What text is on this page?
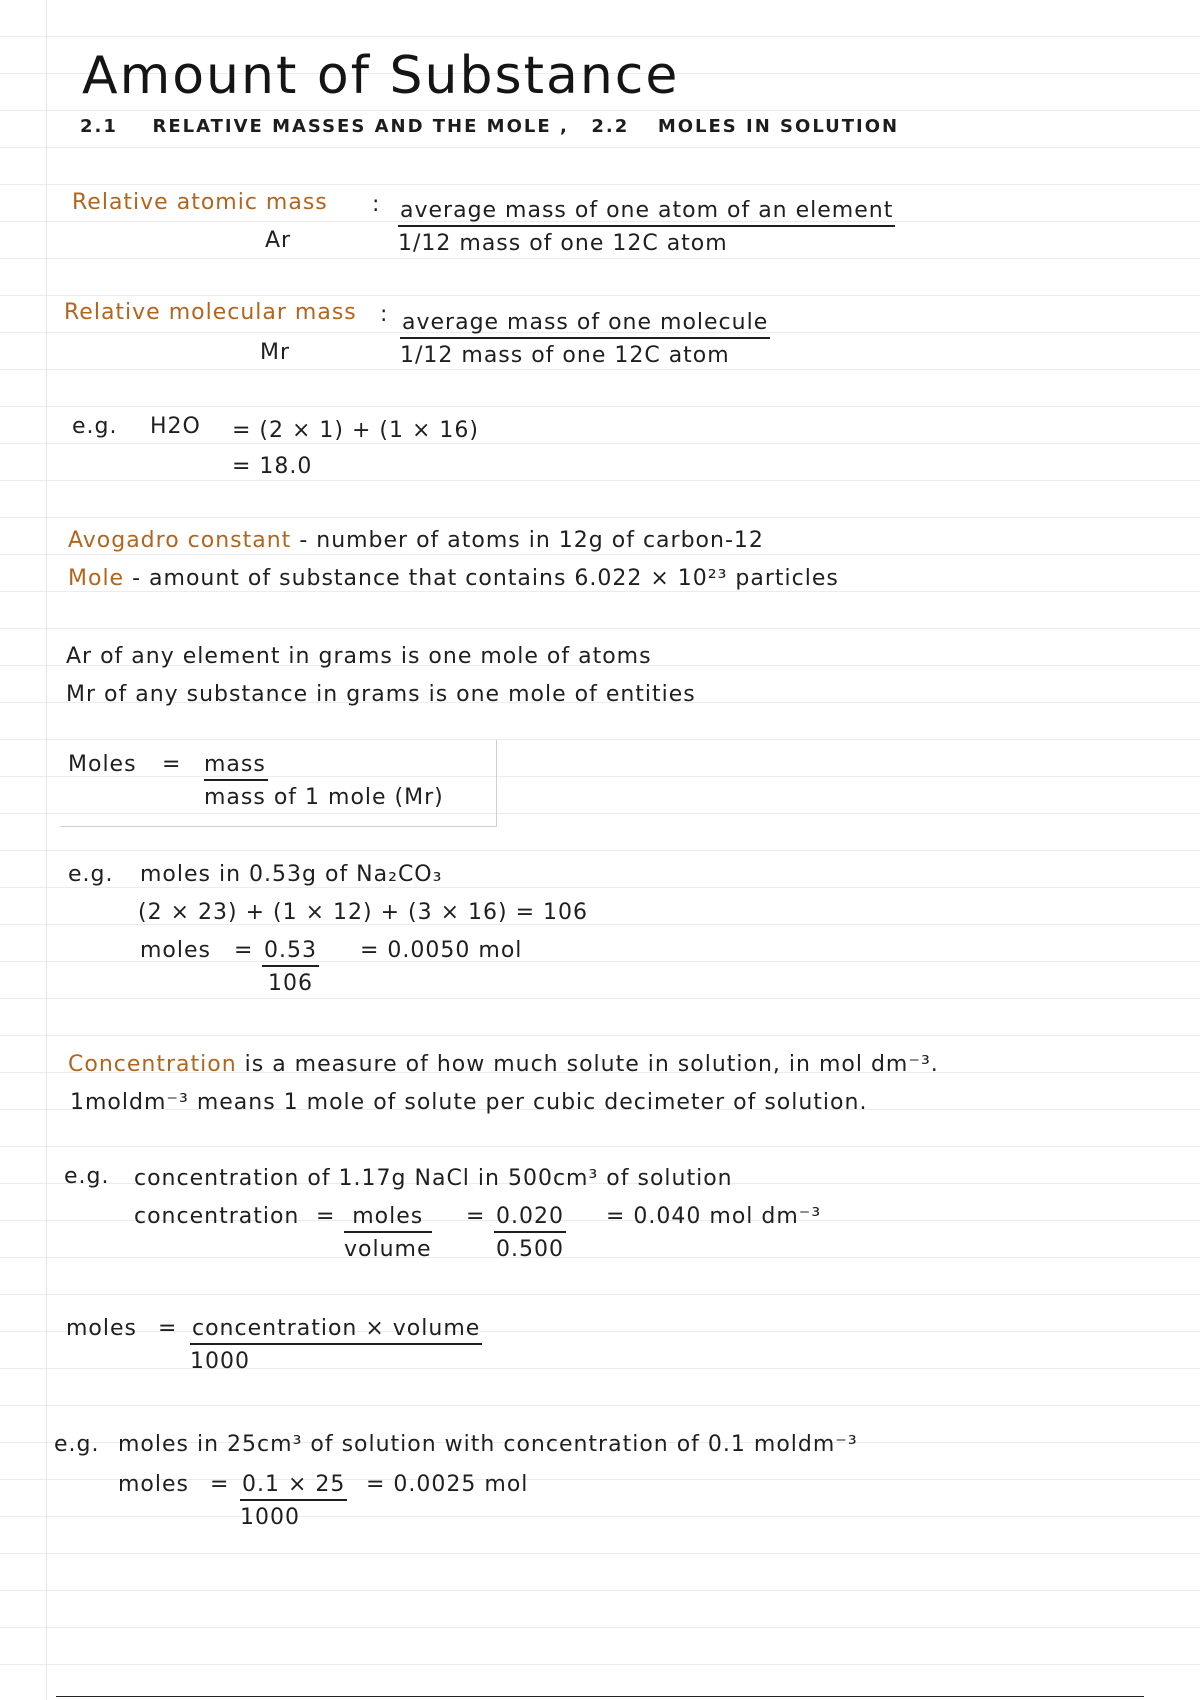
Amount of Substance
2.1 RELATIVE MASSES AND THE MOLE , 2.2 MOLES IN SOLUTION
Relative atomic mass :
Ar
average mass of one atom of an element
1/12 mass of one 12C atom
Relative molecular mass :
Mr
average mass of one molecule
1/12 mass of one 12C atom
e.g. H2O = (2 × 1) + (1 × 16)
= 18.0
Avogadro constant - number of atoms in 12g of carbon-12
Mole - amount of substance that contains 6.022 × 10²³ particles
Ar of any element in grams is one mole of atoms
Mr of any substance in grams is one mole of entities
Moles = mass
mass of 1 mole (Mr)
e.g. moles in 0.53g of Na₂CO₃
(2 × 23) + (1 × 12) + (3 × 16) = 106
moles = $\frac{0.53}{106} = 0.0050$ mol
Concentration is a measure of how much solute in solution, in mol dm⁻³.
1moldm⁻³ means 1 mole of solute per cubic decimeter of solution.
e.g. concentration of 1.17g NaCl in 500cm³ of solution
concentration = moles
volume
= $\frac{0.020}{0.500} = 0.040$ mol dm⁻³
moles = concentration × volume
1000
e.g. moles in 25cm³ of solution with concentration of 0.1 moldm⁻³
moles = $\frac{0.1 \times 25}{1000} = 0.0025$ mol
